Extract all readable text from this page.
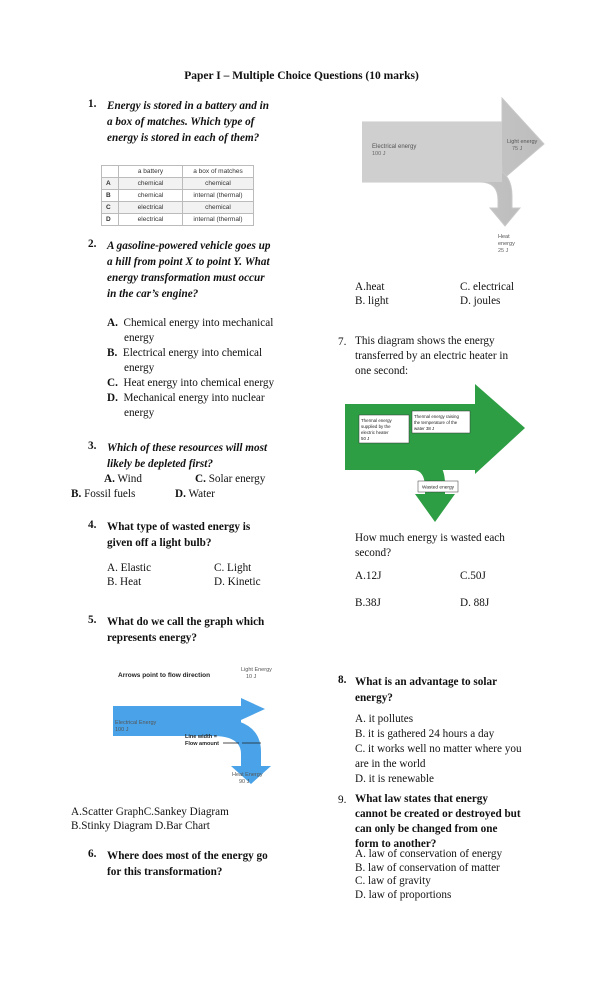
Paper I – Multiple Choice Questions (10 marks)
1. Energy is stored in a battery and in
a box of matches. Which type of
energy is stored in each of them?
	a battery	a box of matches
A	chemical	chemical
B	chemical	internal (thermal)
C	electrical	chemical
D	electrical	internal (thermal)
2. A gasoline-powered vehicle goes up
a hill from point X to point Y. What
energy transformation must occur
in the car’s engine?
A. Chemical energy into mechanical
energy
B. Electrical energy into chemical
energy
C. Heat energy into chemical energy
D. Mechanical energy into nuclear
energy
3. Which of these resources will most
likely be depleted first?
A. Wind	C. Solar energy
B. Fossil fuels	D. Water
4. What type of wasted energy is
given off a light bulb?
A. Elastic	C. Light
B. Heat	D. Kinetic
5. What do we call the graph which
represents energy?
Arrows point to flow direction
Light Energy
10 J
Electrical Energy
100 J
Line width =
Flow amount
Heat Energy
90 J
A.Scatter GraphC.Sankey Diagram
B.Stinky Diagram D.Bar Chart
6. Where does most of the energy go
for this transformation?
Electrical energy
100 J
Light energy
75 J
Heat
energy
25 J
A.heat	C. electrical
B. light	D. joules
7. This diagram shows the energy
transferred by an electric heater in
one second:
Thermal energy
supplied by the
electric heater
50 J
Thermal energy raising
the temperature of the
water 38 J
Wasted energy
How much energy is wasted each
second?
A.12J	C.50J
B.38J	D. 88J
8. What is an advantage to solar
energy?
A. it pollutes
B. it is gathered 24 hours a day
C. it works well no matter where you
are in the world
D. it is renewable
9. What law states that energy
cannot be created or destroyed but
can only be changed from one
form to another?
A. law of conservation of energy
B. law of conservation of matter
C. law of gravity
D. law of proportions
